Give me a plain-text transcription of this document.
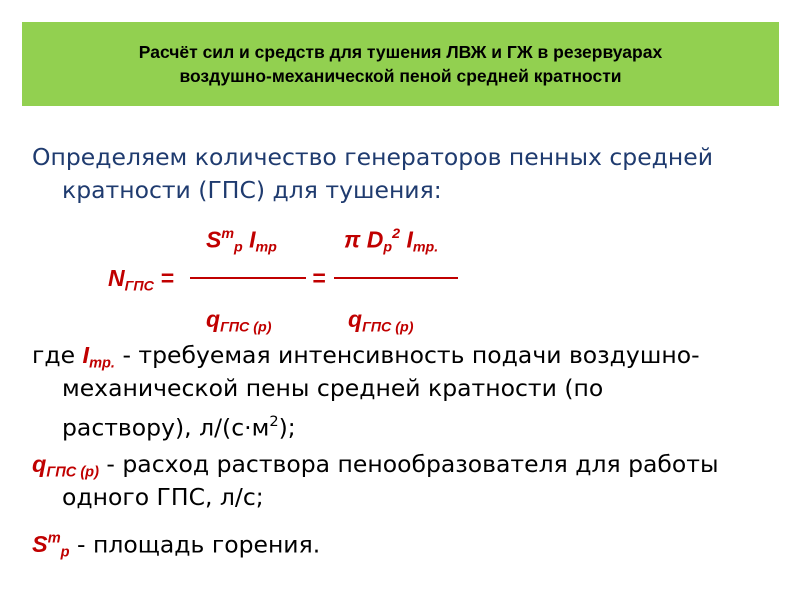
Расчёт сил и средств для тушения ЛВЖ и ГЖ в резервуарах
воздушно-механической пеной средней кратности
Определяем количество генераторов пенных средней
кратности (ГПС) для тушения:
$S^т_р$ $I_{тр}$	π $D_р^2$ $I_{тр.}$
$N_{ГПС}$ =	=
$q_{ГПС (р)}$	$q_{ГПС (р)}$
где $I_{тр.}$ - требуемая интенсивность подачи воздушно-
механической пены средней кратности (по
раствору), $л/(с\cdot м^2)$;
$q_{ГПС (р)}$ - расход раствора пенообразователя для работы
одного ГПС, л/с;
$S^т_р$ - площадь горения.
